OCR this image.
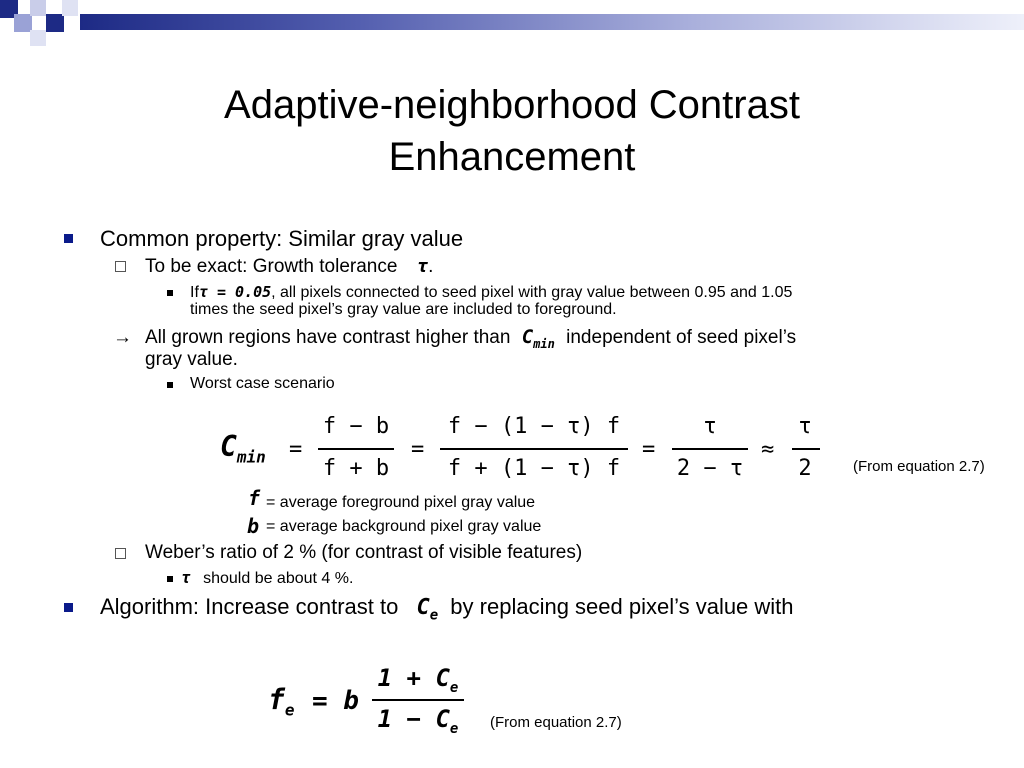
Adaptive-neighborhood Contrast
Enhancement
Common property: Similar gray value
To be exact: Growth tolerance τ.
Ifτ = 0.05, all pixels connected to seed pixel with gray value between 0.95 and 1.05
times the seed pixel’s gray value are included to foreground.
→ All grown regions have contrast higher than $C_{min}$ independent of seed pixel’s
gray value.
Worst case scenario
$C_{min}$ =
f − b
f + b
=
f − (1 − τ) f
f + (1 − τ) f
=
τ
2 − τ
≈
τ
2	(From equation 2.7)
f = average foreground pixel gray value
b = average background pixel gray value
Weber’s ratio of 2 % (for contrast of visible features)
τ should be about 4 %.
Algorithm: Increase contrast to $C_e$ by replacing seed pixel’s value with
$f_e = b$
$1 + C_e$
$1 - C_e$	(From equation 2.7)
